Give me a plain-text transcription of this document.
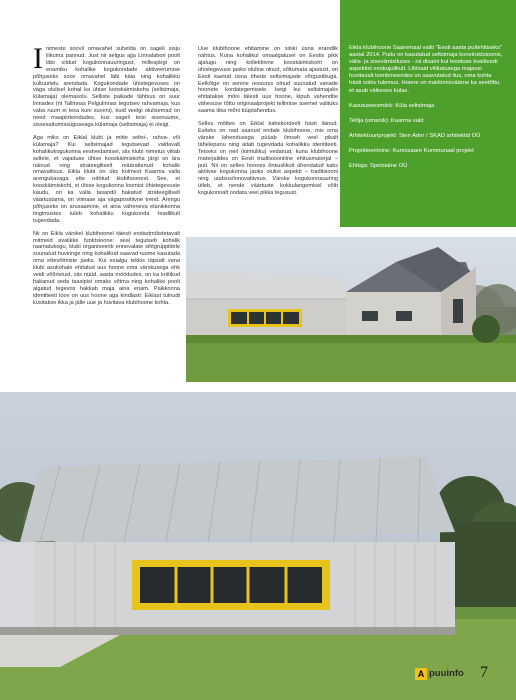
Inimeste soovil omavahel suhelda on sageli sisju liikuma pannud. Just nii selgus ajja Linnalabori poolt läbi viidud kogukonnauuringust, milleajärgi on enamiku kohalike kogukondade aktiveerumise põhjuseks soov omavahel läbi käia ning kohalikku kultuurielu arendada. Kogukondade ühistegevuses on väga olulisel kohal ka ühise kooskäimiskoha (seltsimaja, külamaja) olemasolu. Sellistе paikade tähtsus on suur linnades (nt Tallinnas Pelgulinnas tegutsev rahvamaja, kus vaba ruum ei lesa kuni suveni), kuid veelgi olulisemad on need maapiirkondades, kus sageli teisi sisenuume, sissesaitumissüguseaga külamaja (seltsimaja) ei oleigi.

Aga miks on Eiklal klubi ja mitte seltsi-, rahva- või külamaja? Kui seltsimajad tegutsevad valdavalt kohalikukogukonna eestvedamisel, siis klubi nimetus viitab sellele, et vajaduse ühise kooskäimiskoha järgi on ära näinud ning strateegiliselt määratlenud kohalik omavalitsus. Eikla klubi on üks kolmest Kaarma valla arengukavaga ette nähtud klubihoonest. See, et kooskäimiskoht, st ühise kogukonna loomist ühistegevuste kaudu, on ka valla tasandil hakatud strateegiliselt väärtustama, on viimase aja vägapositiivne trend. Arengu põhjuseks on arusaamine, et aina väheneva elanikkonna tingimustes tulеb kohalikku kogukonda teadlikult tugevdada.

Nii on Eikla värskel klubihoonel täiesti endastmõistetavalt mitmeid avalikke funktsioone: seal tegutseb kohalik raamatukogu, klubi organiseerib ennevalate sihtgruppidele suunatud huviringe ning kohalikud saavad ruume kasutada oma ettevõtmiste jaoks. Kui esialgu tekkis täpsalt vana klubi asukohale ehitatud uus hoone oma värskusega ehk veidi võõristust, siis nüüd, aasta möödudes, on ka kriitikud hakanud seda taasipisi omaks võtma ning kohalike poolt algatud tegevris hakkab maja aina enam. Paikkonna identiteeti loov on uus hoone aga kindlasti: Eiklast tulnudt küsitakse ikka ja jälle uue ja huvitava klubihoone kohta.

Uue klubihoone ehitamine on siiski üsna erandlik nähtus. Kuna kohalikul omaalgatusel on Eestis pikk ajalugu ning kollektiivne kooskäimiskoht on ühistegevuse jaoks oluline olnud, sõltumata ajastust, on Eesti kaetud üsna tiheda seltsimajade võrgustikuga. Eelkõige on senine ressurss olnud suunatud vanade hoonete kordategemisele. Isegi kui seltsimajaks ehitatakse mõni täiesti uus hoone, kipub vahendite vähesuse tõttu originaalprojekt tellimise asemel valituks saama ikka mõni tüüplahendus.

Selles mõttes on Eiklal kahekordselt hästi läinud. Esiteks on nad saanud endale klubihoone, mis oma värske lahendusega püüab ilmselt veel pikalt tähelepanu ning aitab tugevdada kohalikku identiteeti. Teiseks on neil (ioimuliku) vedanud, kuna klubihoone materjalides on Eesti traditsiooniline ehitusmaterjal – puit. Nii on selles hoones õnkuslikult ühendatud kaks aktiivse kogukonna jaoks olulist aspekti – traditsiooni ning uudsus/innovatiivsus. Värske kogukonnauuring ütleb, et nende väärtuste kokkulangemisel võib kogukonnalt oodata veel pikka tegusust.

Eikla klubihoone Saaremaal valiti "Eesti aasta puitehitiseks" aastal 2014. Puitu on kasutatud seltsimaja konstruktsioonis, välis- ja siseviimistluses - nii disaini kui teostuse kvaliteedi aspektist eeskujulikult. Lihtsaid viilkatusega majaosi huvitavalt kombineerides on saavutatud ilus, oma kohta hästi sobiv tulemus. Hoone on märkimisväärne ka seetõttu, et asub väikeses külas.

Kasutuseesmärk: Küla seltsimaja

Tellija (omanik): Kaarma vald

Arhitektuuriprojekt: Sten Ader / SKAD arhitektid OÜ

Projekteerimine: Kuressaare Kommunaal projekt

Ehitaja: Spetsialne OÜ

A puuinfo 7
